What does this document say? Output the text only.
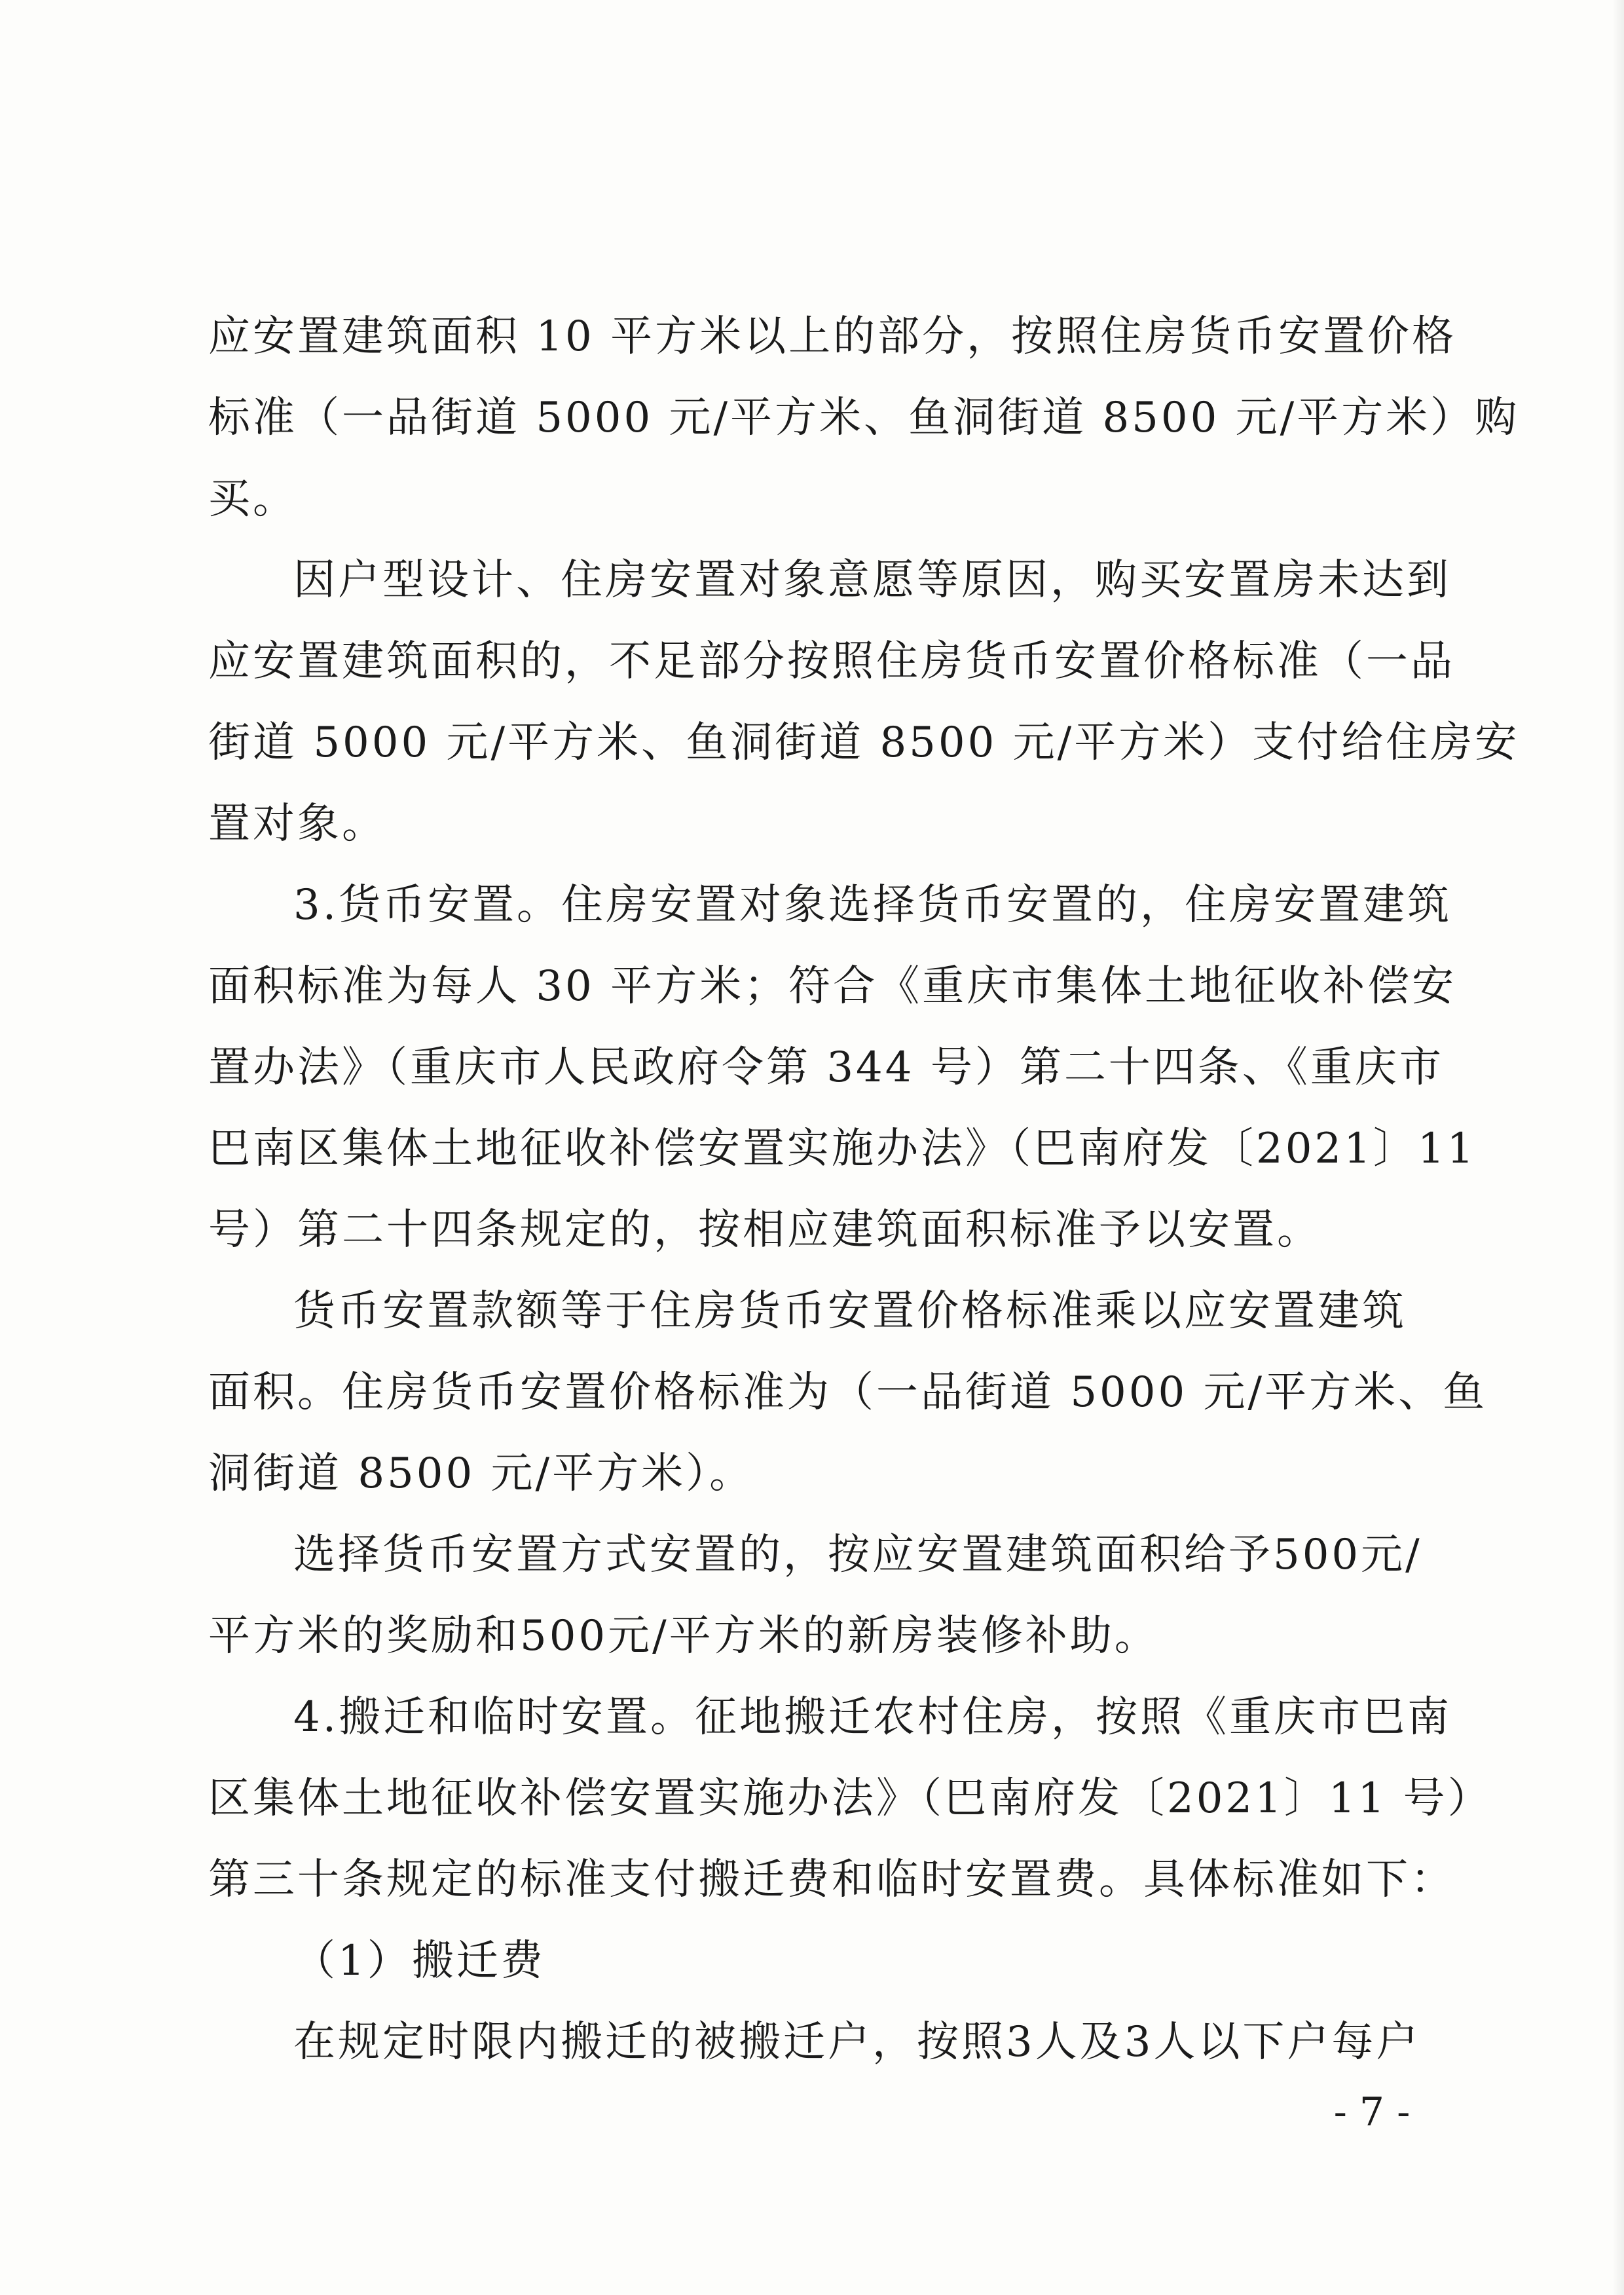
应安置建筑面积 10 平方米以上的部分，按照住房货币安置价格
标准（一品街道 5000 元/平方米、鱼洞街道 8500 元/平方米）购
买。
因户型设计、住房安置对象意愿等原因，购买安置房未达到
应安置建筑面积的，不足部分按照住房货币安置价格标准（一品
街道 5000 元/平方米、鱼洞街道 8500 元/平方米）支付给住房安
置对象。
3.货币安置。住房安置对象选择货币安置的，住房安置建筑
面积标准为每人 30 平方米；符合《重庆市集体土地征收补偿安
置办法》（重庆市人民政府令第 344 号）第二十四条、《重庆市
巴南区集体土地征收补偿安置实施办法》（巴南府发〔2021〕11
号）第二十四条规定的，按相应建筑面积标准予以安置。
货币安置款额等于住房货币安置价格标准乘以应安置建筑
面积。住房货币安置价格标准为（一品街道 5000 元/平方米、鱼
洞街道 8500 元/平方米）。
选择货币安置方式安置的，按应安置建筑面积给予500元/
平方米的奖励和500元/平方米的新房装修补助。
4.搬迁和临时安置。征地搬迁农村住房，按照《重庆市巴南
区集体土地征收补偿安置实施办法》（巴南府发〔2021〕11 号）
第三十条规定的标准支付搬迁费和临时安置费。具体标准如下：
（1）搬迁费
在规定时限内搬迁的被搬迁户，按照3人及3人以下户每户
- 7 -
